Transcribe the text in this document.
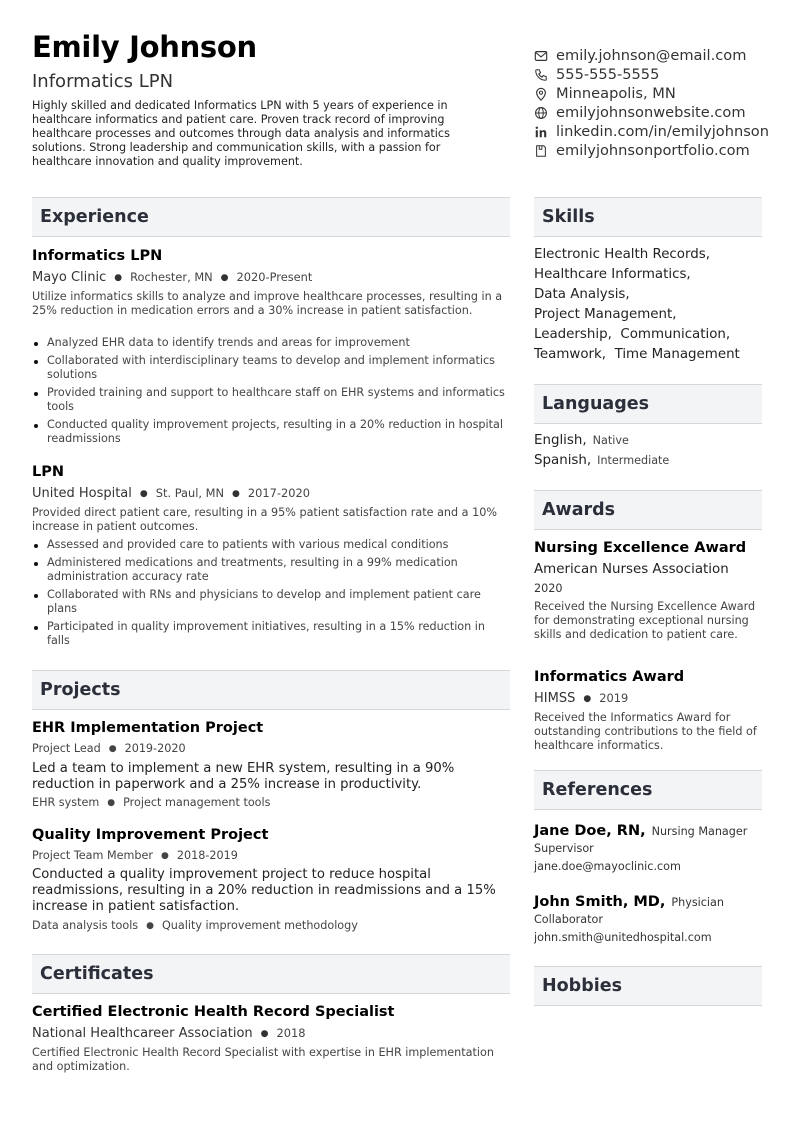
Emily Johnson
Informatics LPN
Highly skilled and dedicated Informatics LPN with 5 years of experience in healthcare informatics and patient care. Proven track record of improving healthcare processes and outcomes through data analysis and informatics solutions. Strong leadership and communication skills, with a passion for healthcare innovation and quality improvement.
emily.johnson@email.com
555-555-5555
Minneapolis, MN
emilyjohnsonwebsite.com
linkedin.com/in/emilyjohnson
emilyjohnsonportfolio.com
Experience
Informatics LPN
Mayo Clinic ● Rochester, MN ● 2020-Present
Utilize informatics skills to analyze and improve healthcare processes, resulting in a 25% reduction in medication errors and a 30% increase in patient satisfaction.
Analyzed EHR data to identify trends and areas for improvement
Collaborated with interdisciplinary teams to develop and implement informatics solutions
Provided training and support to healthcare staff on EHR systems and informatics tools
Conducted quality improvement projects, resulting in a 20% reduction in hospital readmissions
LPN
United Hospital ● St. Paul, MN ● 2017-2020
Provided direct patient care, resulting in a 95% patient satisfaction rate and a 10% increase in patient outcomes.
Assessed and provided care to patients with various medical conditions
Administered medications and treatments, resulting in a 99% medication administration accuracy rate
Collaborated with RNs and physicians to develop and implement patient care plans
Participated in quality improvement initiatives, resulting in a 15% reduction in falls
Projects
EHR Implementation Project
Project Lead ● 2019-2020
Led a team to implement a new EHR system, resulting in a 90% reduction in paperwork and a 25% increase in productivity.
EHR system ● Project management tools
Quality Improvement Project
Project Team Member ● 2018-2019
Conducted a quality improvement project to reduce hospital readmissions, resulting in a 20% reduction in readmissions and a 15% increase in patient satisfaction.
Data analysis tools ● Quality improvement methodology
Certificates
Certified Electronic Health Record Specialist
National Healthcareer Association ● 2018
Certified Electronic Health Record Specialist with expertise in EHR implementation and optimization.
Skills
Electronic Health Records,
Healthcare Informatics,
Data Analysis,
Project Management,
Leadership,  Communication,
Teamwork,  Time Management
Languages
English, Native
Spanish, Intermediate
Awards
Nursing Excellence Award
American Nurses Association
2020
Received the Nursing Excellence Award for demonstrating exceptional nursing skills and dedication to patient care.
Informatics Award
HIMSS ● 2019
Received the Informatics Award for outstanding contributions to the field of healthcare informatics.
References
Jane Doe, RN, Nursing Manager
Supervisor
jane.doe@mayoclinic.com
John Smith, MD, Physician
Collaborator
john.smith@unitedhospital.com
Hobbies
